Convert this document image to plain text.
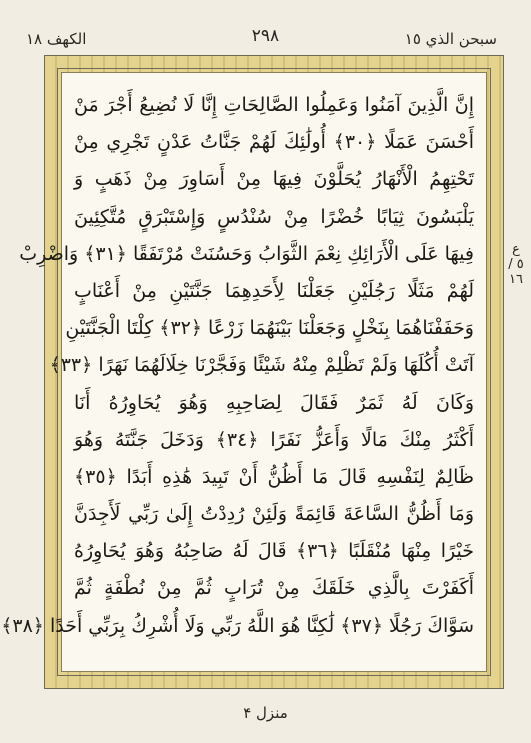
الكهف ١٨	٢٩٨	سبحن الذي ١٥
إِنَّ الَّذِينَ آمَنُوا وَعَمِلُوا الصَّالِحَاتِ إِنَّا لَا نُضِيعُ أَجْرَ مَنْ
أَحْسَنَ عَمَلًا ﴿٣٠﴾ أُولَٰئِكَ لَهُمْ جَنَّاتُ عَدْنٍ تَجْرِي مِنْ
تَحْتِهِمُ الْأَنْهَارُ يُحَلَّوْنَ فِيهَا مِنْ أَسَاوِرَ مِنْ ذَهَبٍ وَ
يَلْبَسُونَ ثِيَابًا خُضْرًا مِنْ سُنْدُسٍ وَإِسْتَبْرَقٍ مُتَّكِئِينَ
فِيهَا عَلَى الْأَرَائِكِ نِعْمَ الثَّوَابُ وَحَسُنَتْ مُرْتَفَقًا ﴿٣١﴾ وَاضْرِبْ
لَهُمْ مَثَلًا رَجُلَيْنِ جَعَلْنَا لِأَحَدِهِمَا جَنَّتَيْنِ مِنْ أَعْنَابٍ
وَحَفَفْنَاهُمَا بِنَخْلٍ وَجَعَلْنَا بَيْنَهُمَا زَرْعًا ﴿٣٢﴾ كِلْتَا الْجَنَّتَيْنِ
آتَتْ أُكُلَهَا وَلَمْ تَظْلِمْ مِنْهُ شَيْئًا وَفَجَّرْنَا خِلَالَهُمَا نَهَرًا ﴿٣٣﴾
وَكَانَ لَهُ ثَمَرٌ فَقَالَ لِصَاحِبِهِ وَهُوَ يُحَاوِرُهُ أَنَا
أَكْثَرُ مِنْكَ مَالًا وَأَعَزُّ نَفَرًا ﴿٣٤﴾ وَدَخَلَ جَنَّتَهُ وَهُوَ
ظَالِمٌ لِنَفْسِهِ قَالَ مَا أَظُنُّ أَنْ تَبِيدَ هَٰذِهِ أَبَدًا ﴿٣٥﴾
وَمَا أَظُنُّ السَّاعَةَ قَائِمَةً وَلَئِنْ رُدِدْتُ إِلَىٰ رَبِّي لَأَجِدَنَّ
خَيْرًا مِنْهَا مُنْقَلَبًا ﴿٣٦﴾ قَالَ لَهُ صَاحِبُهُ وَهُوَ يُحَاوِرُهُ
أَكَفَرْتَ بِالَّذِي خَلَقَكَ مِنْ تُرَابٍ ثُمَّ مِنْ نُطْفَةٍ ثُمَّ
سَوَّاكَ رَجُلًا ﴿٣٧﴾ لَٰكِنَّا هُوَ اللَّهُ رَبِّي وَلَا أُشْرِكُ بِرَبِّي أَحَدًا ﴿٣٨﴾
ع ٥ / ١٦
منزل ۴
